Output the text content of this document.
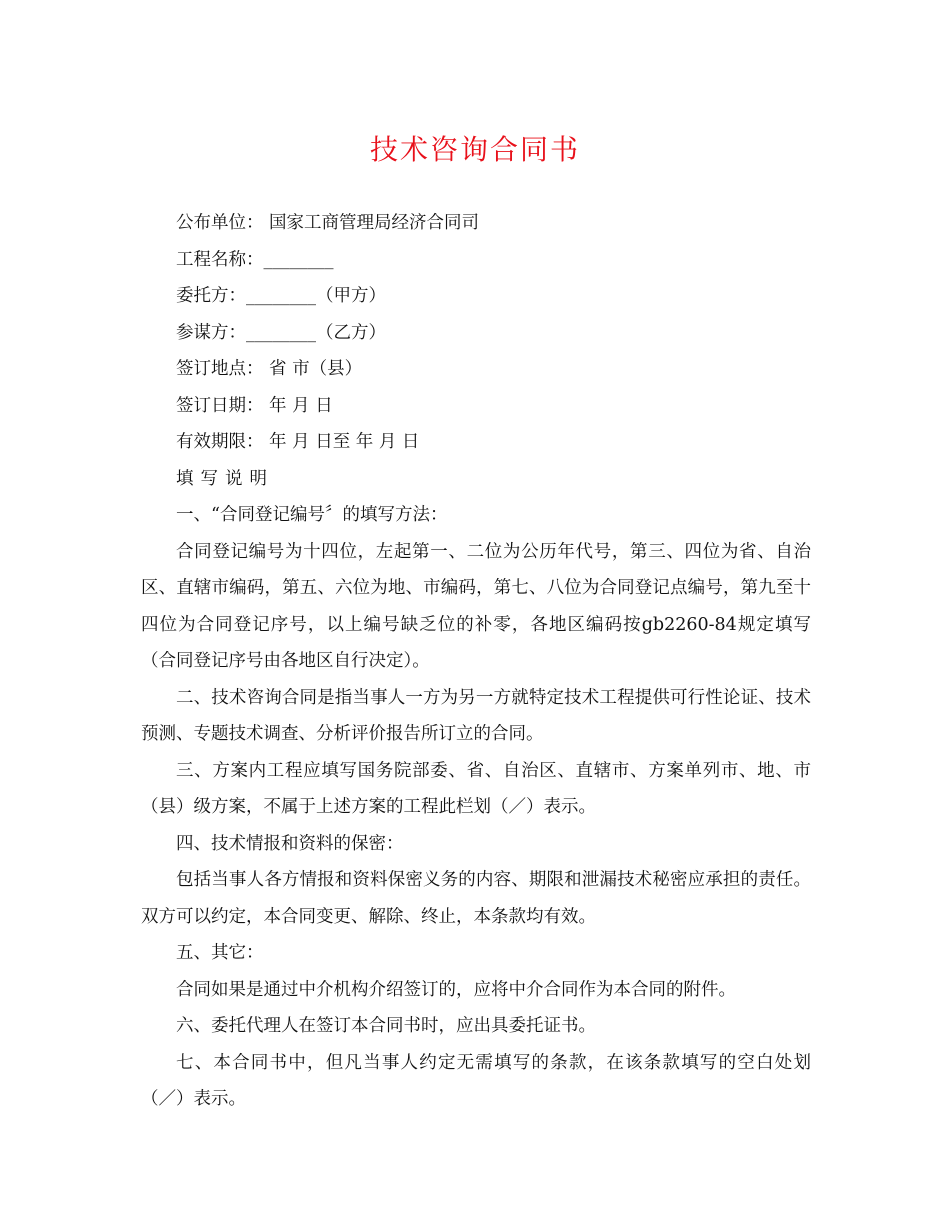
技术咨询合同书

公布单位： 国家工商管理局经济合同司

工程名称：________

委托方：________（甲方）

参谋方：________（乙方）

签订地点： 省 市（县）

签订日期： 年 月 日

有效期限： 年 月 日至 年 月 日

填写说明

一、“合同登记编号〞的填写方法：

合同登记编号为十四位，左起第一、二位为公历年代号，第三、四位为省、自治区、直辖市编码，第五、六位为地、市编码，第七、八位为合同登记点编号，第九至十四位为合同登记序号，以上编号缺乏位的补零，各地区编码按gb2260-84规定填写（合同登记序号由各地区自行决定）。

二、技术咨询合同是指当事人一方为另一方就特定技术工程提供可行性论证、技术预测、专题技术调查、分析评价报告所订立的合同。

三、方案内工程应填写国务院部委、省、自治区、直辖市、方案单列市、地、市（县）级方案，不属于上述方案的工程此栏划（／）表示。

四、技术情报和资料的保密：

包括当事人各方情报和资料保密义务的内容、期限和泄漏技术秘密应承担的责任。双方可以约定，本合同变更、解除、终止，本条款均有效。

五、其它：

合同如果是通过中介机构介绍签订的，应将中介合同作为本合同的附件。

六、委托代理人在签订本合同书时，应出具委托证书。

七、本合同书中，但凡当事人约定无需填写的条款，在该条款填写的空白处划（／）表示。
